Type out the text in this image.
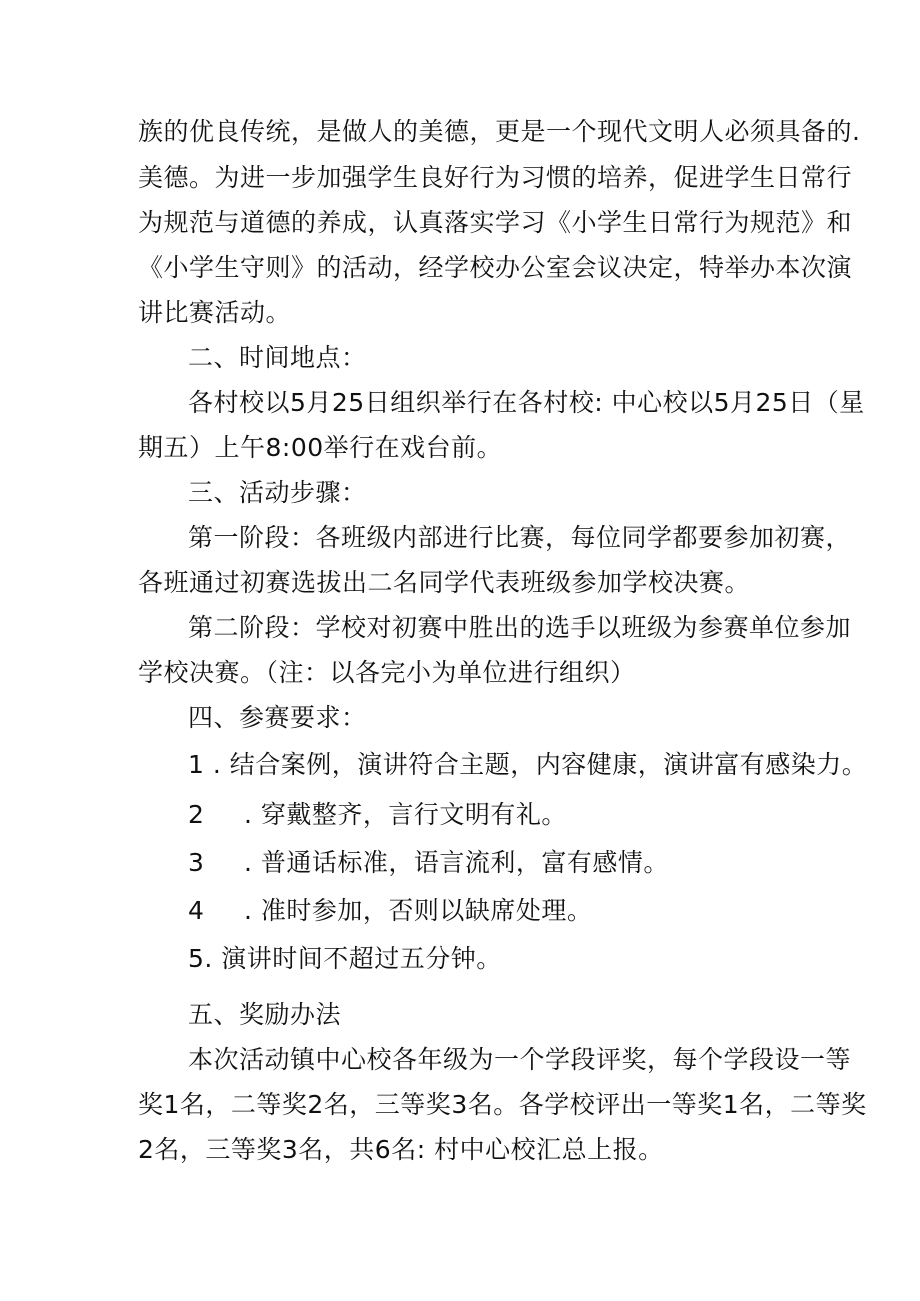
族的优良传统，是做人的美德，更是一个现代文明人必须具备的.
美德。为进一步加强学生良好行为习惯的培养，促进学生日常行
为规范与道德的养成，认真落实学习《小学生日常行为规范》和
《小学生守则》的活动，经学校办公室会议决定，特举办本次演
讲比赛活动。
二、时间地点：
各村校以5月25日组织举行在各村校: 中心校以5月25日（星
期五）上午8:00举行在戏台前。
三、活动步骤：
第一阶段：各班级内部进行比赛，每位同学都要参加初赛，
各班通过初赛选拔出二名同学代表班级参加学校决赛。
第二阶段：学校对初赛中胜出的选手以班级为参赛单位参加
学校决赛。（注：以各完小为单位进行组织）
四、参赛要求：
1 . 结合案例，演讲符合主题，内容健康，演讲富有感染力。
2 . 穿戴整齐，言行文明有礼。
3 . 普通话标准，语言流利，富有感情。
4 . 准时参加，否则以缺席处理。
5. 演讲时间不超过五分钟。
五、奖励办法
本次活动镇中心校各年级为一个学段评奖，每个学段设一等
奖1名，二等奖2名，三等奖3名。各学校评出一等奖1名，二等奖
2名，三等奖3名，共6名: 村中心校汇总上报。
